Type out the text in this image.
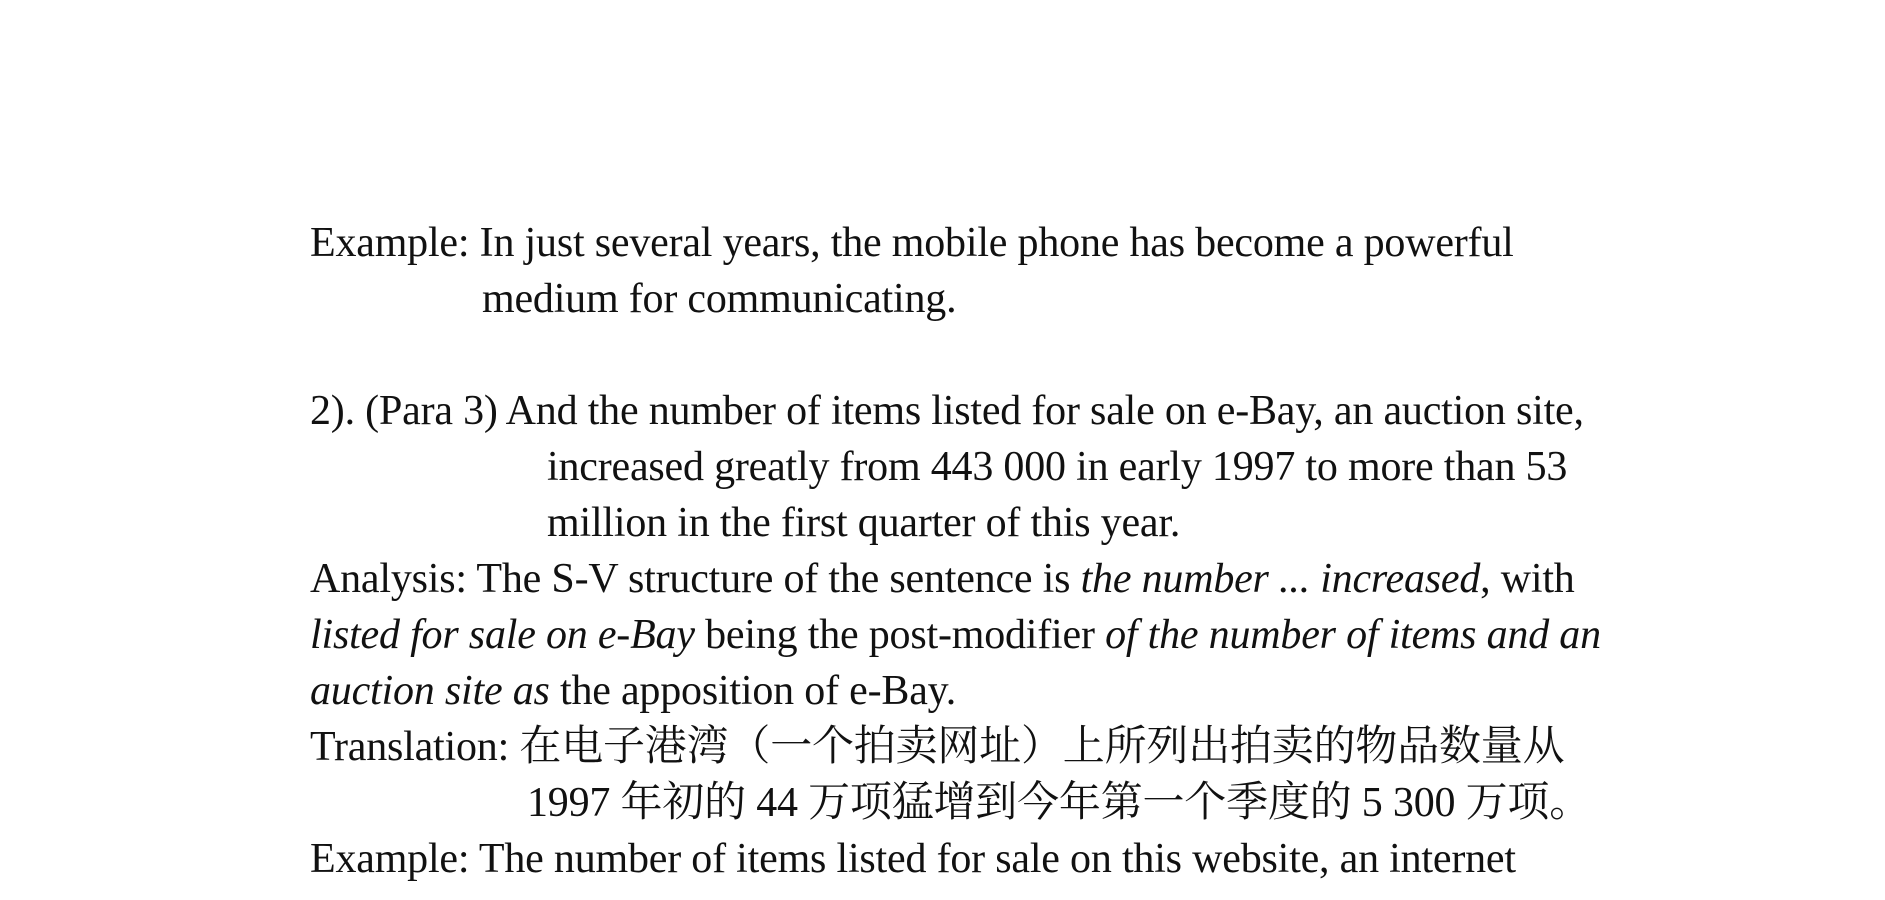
Example: In just several years, the mobile phone has become a powerful
medium for communicating.
2). (Para 3) And the number of items listed for sale on e-Bay, an auction site,
increased greatly from 443 000 in early 1997 to more than 53
million in the first quarter of this year.
Analysis: The S-V structure of the sentence is the number ... increased, with
listed for sale on e-Bay being the post-modifier of the number of items and an
auction site as the apposition of e-Bay.
Translation: 在电子港湾（一个拍卖网址）上所列出拍卖的物品数量从
1997 年初的 44 万项猛增到今年第一个季度的 5 300 万项。
Example: The number of items listed for sale on this website, an internet
